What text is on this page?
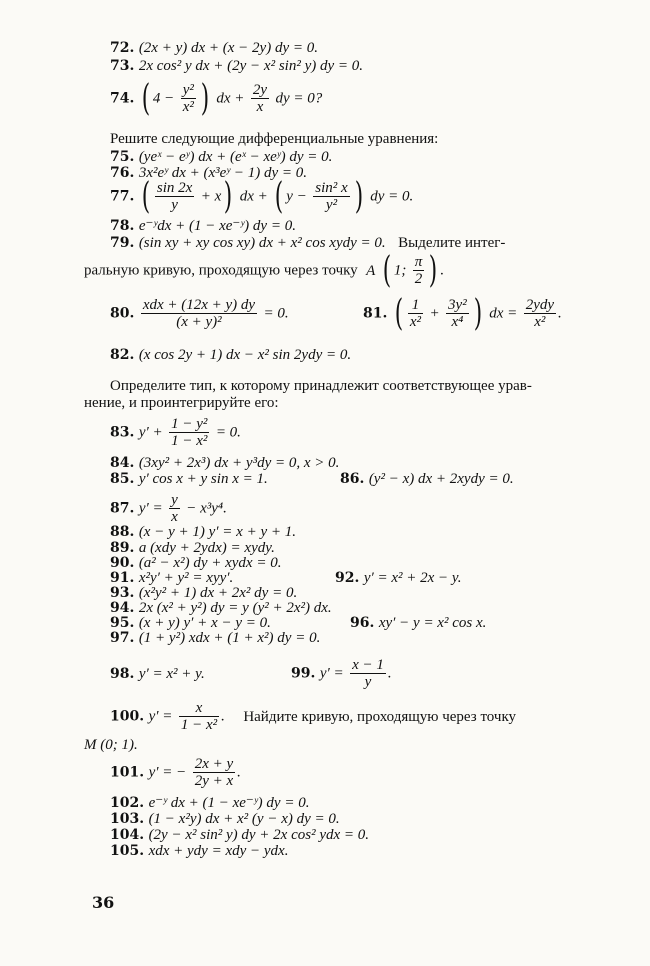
72. (2x + y) dx + (x − 2y) dy = 0.
73. 2x cos² y dx + (2y − x² sin² y) dy = 0.
74. ( $4 - \frac{\text{y²}}{\text{x²}}$ ) dx + $\frac{2y}{x}$ dy = 0?
Решите следующие дифференциальные уравнения:
75. (yeˣ − eʸ) dx + (eˣ − xeʸ) dy = 0.
76. 3x²eʸ dx + (x³eʸ − 1) dy = 0.
77. ( $\frac{\sin 2x}{y} + x$) dx + ( $y - \frac{\text{sin² x}}{\text{y²}}$ ) dy = 0.
78. e⁻ʸdx + (1 − xe⁻ʸ) dy = 0.
79. (sin xy + xy cos xy) dx + x² cos xydy = 0. Выделите интег-
ральную кривую, проходящую через точку A ( 1; $\frac{\pi}{2}$ ) .
80. $\frac{\text{xdx + (12x + y) dy}}{\text{(x + y)²}} = 0$.	81. ( $\frac{1}{\text{x²}} + \frac{\text{3y²}}{\text{x⁴}}$ ) dx = $\frac{\text{2ydy}}{\text{x²}}$ .
82. (x cos 2y + 1) dx − x² sin 2ydy = 0.
Определите тип, к которому принадлежит соответствующее урав-
нение, и проинтегрируйте его:
83. $y' + \frac{\text{1 − y²}}{\text{1 − x²}} = 0$.
84. (3xy² + 2x³) dx + y³dy = 0, x > 0.
85. y′ cos x + y sin x = 1.	86. (y² − x) dx + 2xydy = 0.
87. $y' = \frac{y}{x} - x^3y^4$.
88. (x − y + 1) y′ = x + y + 1.
89. a (xdy + 2ydx) = xydy.
90. (a² − x²) dy + xydx = 0.
91. x²y′ + y² = xyy′.	92. y′ = x² + 2x − y.
93. (x²y² + 1) dx + 2x² dy = 0.
94. 2x (x² + y²) dy = y (y² + 2x²) dx.
95. (x + y) y′ + x − y = 0.	96. xy′ − y = x² cos x.
97. (1 + y²) xdx + (1 + x²) dy = 0.
98. y′ = x² + y.	99. $y' = \frac{x - 1}{y}$ .
100. $y' = \frac{x}{\text{1 − x²}}$ . Найдите кривую, проходящую через точку
M (0; 1).
101. y′ = − $\frac{2x + y}{2y + x}$ .
102. e⁻ʸ dx + (1 − xe⁻ʸ) dy = 0.
103. (1 − x²y) dx + x² (y − x) dy = 0.
104. (2y − x² sin² y) dy + 2x cos² ydx = 0.
105. xdx + ydy = xdy − ydx.
36
